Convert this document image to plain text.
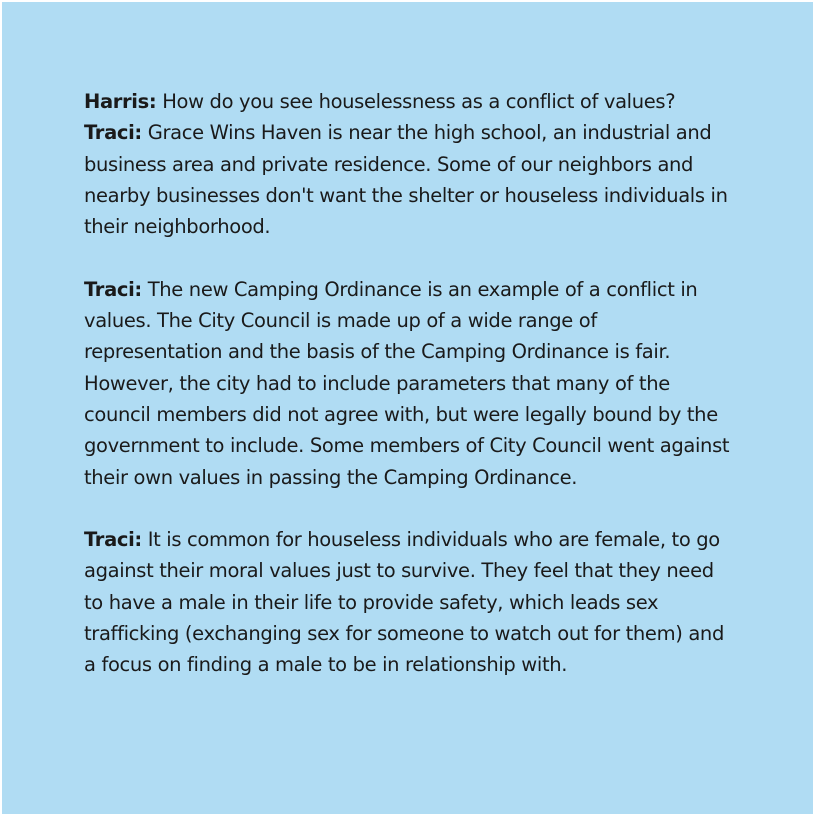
Harris: How do you see houselessness as a conflict of values?

Traci: Grace Wins Haven is near the high school, an industrial and business area and private residence. Some of our neighbors and nearby businesses don't want the shelter or houseless individuals in their neighborhood.

Traci: The new Camping Ordinance is an example of a conflict in values. The City Council is made up of a wide range of representation and the basis of the Camping Ordinance is fair. However, the city had to include parameters that many of the council members did not agree with, but were legally bound by the government to include. Some members of City Council went against their own values in passing the Camping Ordinance.

Traci: It is common for houseless individuals who are female, to go against their moral values just to survive. They feel that they need to have a male in their life to provide safety, which leads sex trafficking (exchanging sex for someone to watch out for them) and a focus on finding a male to be in relationship with.
